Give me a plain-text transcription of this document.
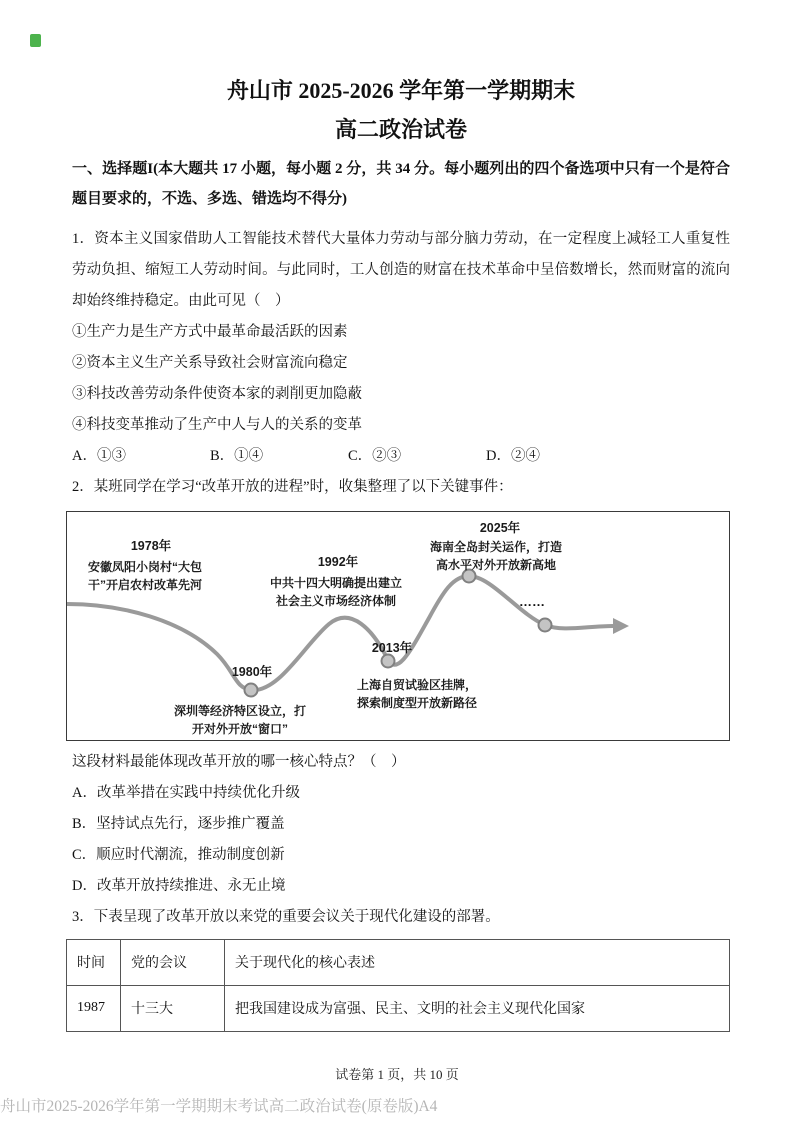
舟山市 2025-2026 学年第一学期期末
高二政治试卷

一、选择题I(本大题共 17 小题，每小题 2 分，共 34 分。每小题列出的四个备选项中只有一个是符合题目要求的，不选、多选、错选均不得分)

1．资本主义国家借助人工智能技术替代大量体力劳动与部分脑力劳动，在一定程度上减轻工人重复性劳动负担、缩短工人劳动时间。与此同时，工人创造的财富在技术革命中呈倍数增长，然而财富的流向却始终维持稳定。由此可见（　）

①生产力是生产方式中最革命最活跃的因素

②资本主义生产关系导致社会财富流向稳定

③科技改善劳动条件使资本家的剥削更加隐蔽

④科技变革推动了生产中人与人的关系的变革

A．①③	B．①④	C．②③	D．②④

2．某班同学在学习“改革开放的进程”时，收集整理了以下关键事件：

1978年
安徽凤阳小岗村“大包干”开启农村改革先河
1980年
深圳等经济特区设立，打开对外开放“窗口”
1992年
中共十四大明确提出建立社会主义市场经济体制
2013年
上海自贸试验区挂牌，探索制度型开放新路径
2025年
海南全岛封关运作，打造高水平对外开放新高地
……

这段材料最能体现改革开放的哪一核心特点？（　）

A．改革举措在实践中持续优化升级

B．坚持试点先行，逐步推广覆盖

C．顺应时代潮流，推动制度创新

D．改革开放持续推进、永无止境

3．下表呈现了改革开放以来党的重要会议关于现代化建设的部署。

时间	党的会议	关于现代化的核心表述
1987	十三大	把我国建设成为富强、民主、文明的社会主义现代化国家
试卷第 1 页，共 10 页
舟山市2025-2026学年第一学期期末考试高二政治试卷(原卷版)A4
